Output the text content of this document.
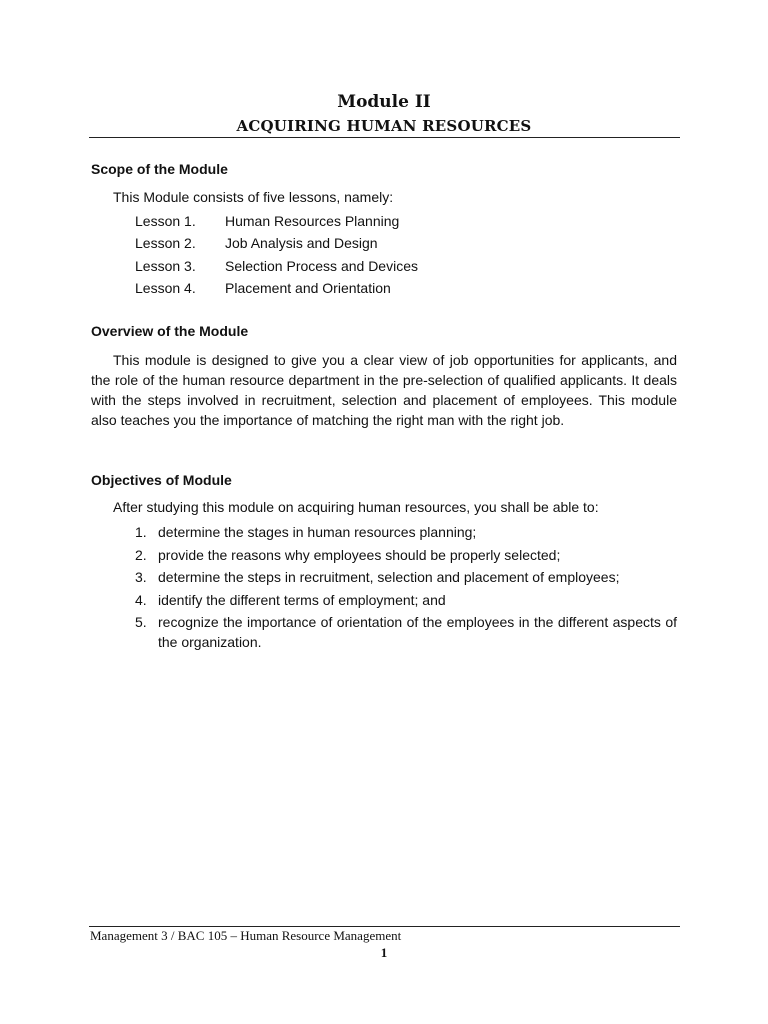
Module II
ACQUIRING HUMAN RESOURCES
Scope of the Module

This Module consists of five lessons, namely:

Lesson 1. Human Resources Planning
Lesson 2. Job Analysis and Design
Lesson 3. Selection Process and Devices
Lesson 4. Placement and Orientation
Overview of the Module

This module is designed to give you a clear view of job opportunities for applicants, and the role of the human resource department in the pre-selection of qualified applicants. It deals with the steps involved in recruitment, selection and placement of employees. This module also teaches you the importance of matching the right man with the right job.

Objectives of Module

After studying this module on acquiring human resources, you shall be able to:

1. determine the stages in human resources planning;
2. provide the reasons why employees should be properly selected;
3. determine the steps in recruitment, selection and placement of employees;
4. identify the different terms of employment; and
5. recognize the importance of orientation of the employees in the different aspects of the organization.

Management 3 / BAC 105 – Human Resource Management

1
